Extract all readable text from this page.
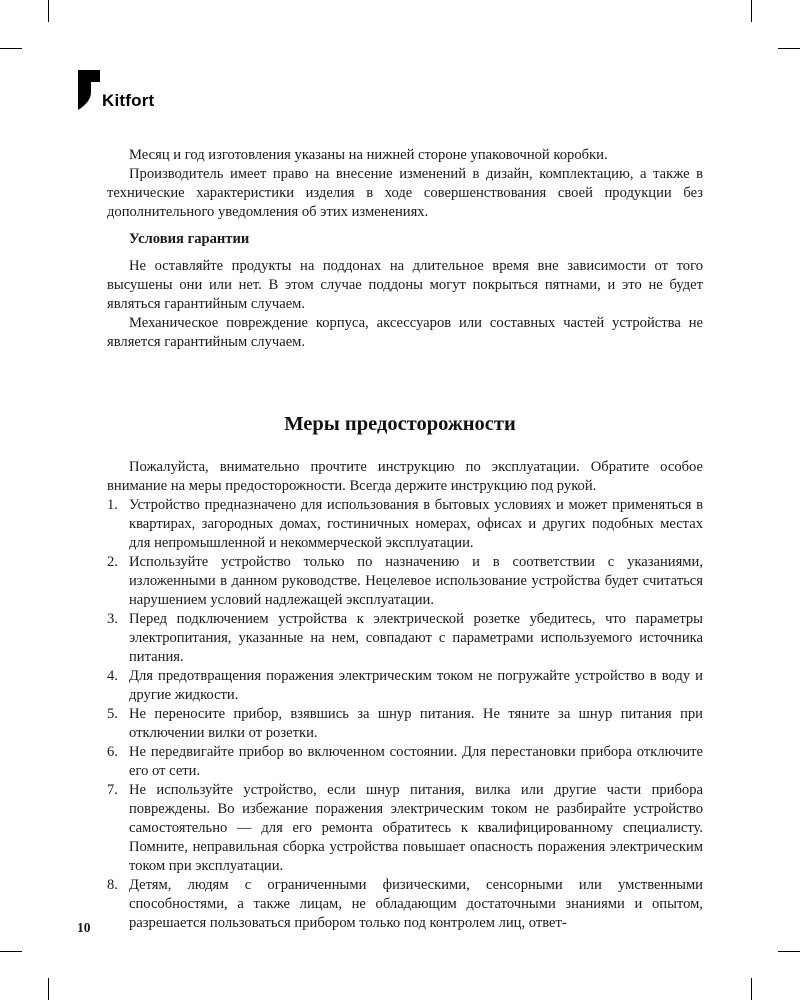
Kitfort

Месяц и год изготовления указаны на нижней стороне упаковочной коробки.

Производитель имеет право на внесение изменений в дизайн, комплектацию, а также в технические характеристики изделия в ходе совершенствования своей продукции без дополнительного уведомления об этих изменениях.

Условия гарантии

Не оставляйте продукты на поддонах на длительное время вне зависимости от того высушены они или нет. В этом случае поддоны могут покрыться пятнами, и это не будет являться гарантийным случаем.

Механическое повреждение корпуса, аксессуаров или составных частей устройства не является гарантийным случаем.

Меры предосторожности

Пожалуйста, внимательно прочтите инструкцию по эксплуатации. Обратите особое внимание на меры предосторожности. Всегда держите инструкцию под рукой.

1. Устройство предназначено для использования в бытовых условиях и может применяться в квартирах, загородных домах, гостиничных номерах, офисах и других подобных местах для непромышленной и некоммерческой эксплуатации.
2. Используйте устройство только по назначению и в соответствии с указаниями, изложенными в данном руководстве. Нецелевое использование устройства будет считаться нарушением условий надлежащей эксплуатации.
3. Перед подключением устройства к электрической розетке убедитесь, что параметры электропитания, указанные на нем, совпадают с параметрами используемого источника питания.
4. Для предотвращения поражения электрическим током не погружайте устройство в воду и другие жидкости.
5. Не переносите прибор, взявшись за шнур питания. Не тяните за шнур питания при отключении вилки от розетки.
6. Не передвигайте прибор во включенном состоянии. Для перестановки прибора отключите его от сети.
7. Не используйте устройство, если шнур питания, вилка или другие части прибора повреждены. Во избежание поражения электрическим током не разбирайте устройство самостоятельно — для его ремонта обратитесь к квалифицированному специалисту. Помните, неправильная сборка устройства повышает опасность поражения электрическим током при эксплуатации.
8. Детям, людям с ограниченными физическими, сенсорными или умственными способностями, а также лицам, не обладающим достаточными знаниями и опытом, разрешается пользоваться прибором только под контролем лиц, ответ-
10
